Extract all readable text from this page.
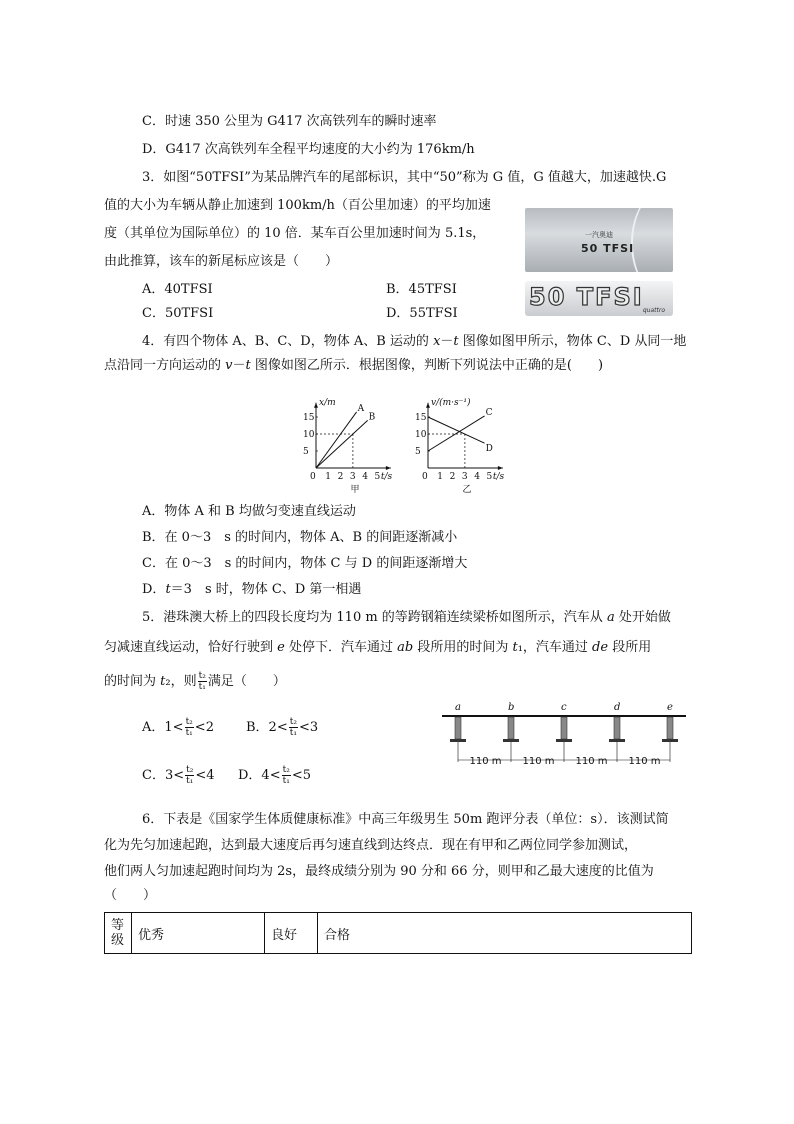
C．时速 350 公里为 G417 次高铁列车的瞬时速率
D．G417 次高铁列车全程平均速度的大小约为 176km/h
3．如图“50TFSI”为某品牌汽车的尾部标识，其中“50”称为 G 值，G 值越大，加速越快.G
值的大小为车辆从静止加速到 100km/h（百公里加速）的平均加速
度（其单位为国际单位）的 10 倍．某车百公里加速时间为 5.1s，
由此推算，该车的新尾标应该是（　　）
A．40TFSI	B．45TFSI
C．50TFSI	D．55TFSI
一汽奥迪
50 TFSI
50 TFSI quattro
4．有四个物体 A、B、C、D，物体 A、B 运动的 x－t 图像如图甲所示，物体 C、D 从同一地
点沿同一方向运动的 v－t 图像如图乙所示．根据图像，判断下列说法中正确的是(　　)
0 1 2 3 4 5
5
10
15
t/s
x/m
甲
A
B
0 1 2 3 4 5
5
10
15
t/s
v/(m·s⁻¹)
乙
C
D
A．物体 A 和 B 均做匀变速直线运动
B．在 0～3　s 的时间内，物体 A、B 的间距逐渐减小
C．在 0～3　s 的时间内，物体 C 与 D 的间距逐渐增大
D．t＝3　s 时，物体 C、D 第一相遇
5．港珠澳大桥上的四段长度均为 110 m 的等跨钢箱连续梁桥如图所示，汽车从 a 处开始做
匀减速直线运动，恰好行驶到 e 处停下．汽车通过 ab 段所用的时间为 t₁，汽车通过 de 段所用
的时间为 t₂，则 $\frac{\text{t₂}}{\text{t₁}}$ 满足（　　）
A．$1< \frac{\text{t₂}}{\text{t₁}} <2$ B．$2< \frac{\text{t₂}}{\text{t₁}} <3$
C．$3< \frac{\text{t₂}}{\text{t₁}} <4$ D．$4< \frac{\text{t₂}}{\text{t₁}} <5$
a	b	c	d	e
110 m 110 m 110 m 110 m
6．下表是《国家学生体质健康标准》中高三年级男生 50m 跑评分表（单位：s）．该测试简
化为先匀加速起跑，达到最大速度后再匀速直线到达终点．现在有甲和乙两位同学参加测试，
他们两人匀加速起跑时间均为 2s，最终成绩分别为 90 分和 66 分，则甲和乙最大速度的比值为
（　　）
等级	优秀	良好	合格
